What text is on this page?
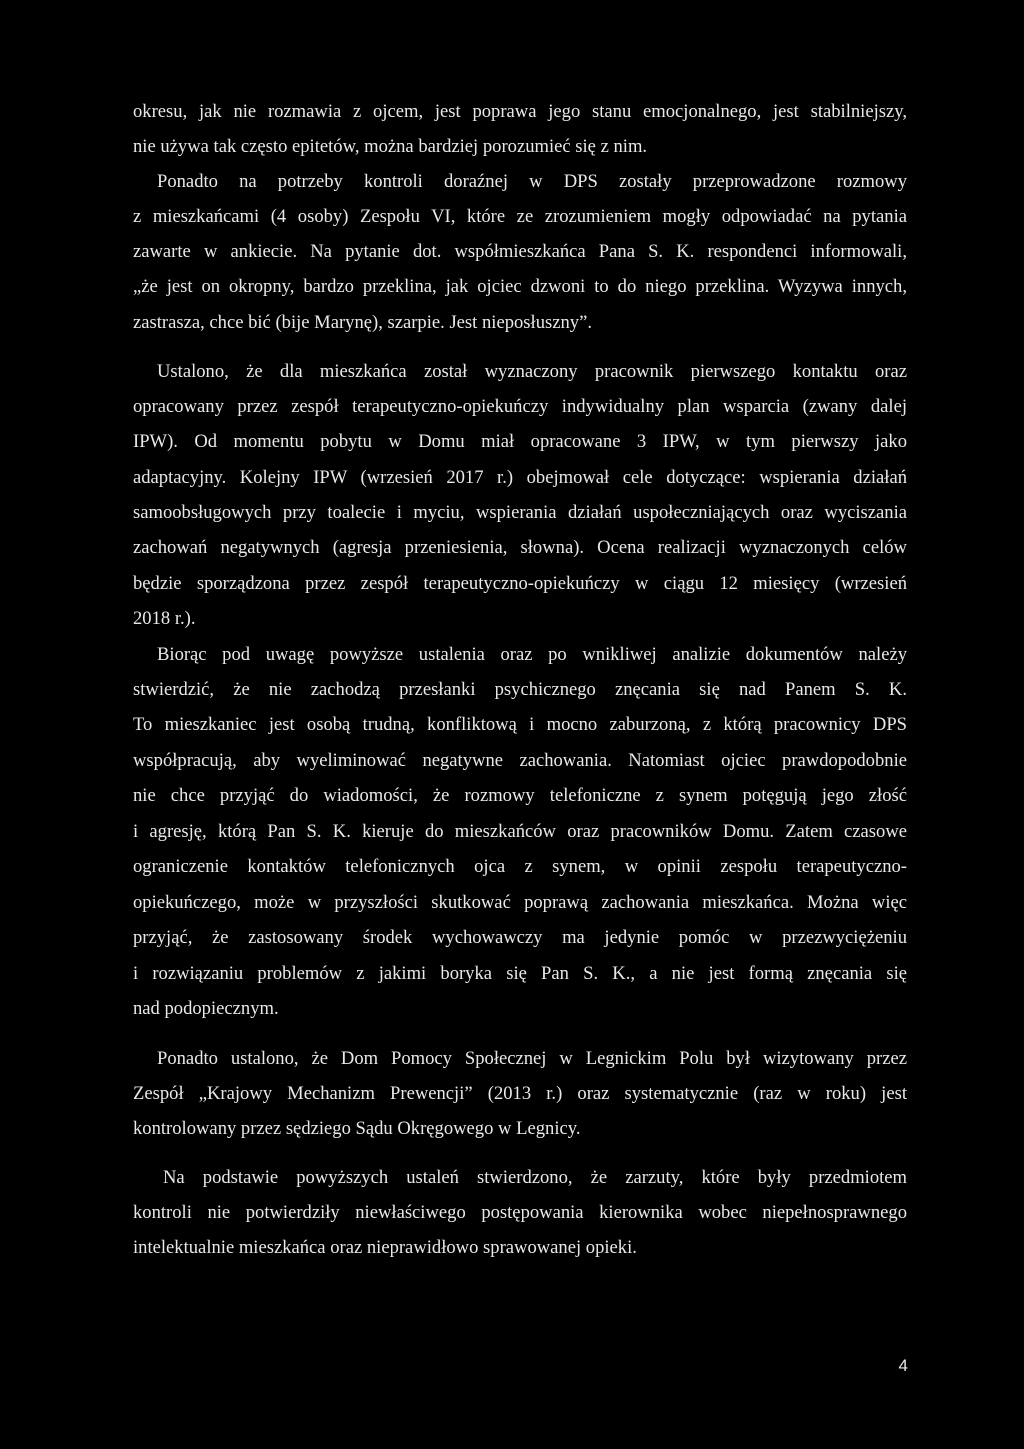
okresu, jak nie rozmawia z ojcem, jest poprawa jego stanu emocjonalnego, jest stabilniejszy,
nie używa tak często epitetów, można bardziej porozumieć się z nim.
Ponadto na potrzeby kontroli doraźnej w DPS zostały przeprowadzone rozmowy
z mieszkańcami (4 osoby) Zespołu VI, które ze zrozumieniem mogły odpowiadać na pytania
zawarte w ankiecie. Na pytanie dot. współmieszkańca Pana S. K. respondenci informowali,
„że jest on okropny, bardzo przeklina, jak ojciec dzwoni to do niego przeklina. Wyzywa innych,
zastrasza, chce bić (bije Marynę), szarpie. Jest nieposłuszny”.
Ustalono, że dla mieszkańca został wyznaczony pracownik pierwszego kontaktu oraz
opracowany przez zespół terapeutyczno-opiekuńczy indywidualny plan wsparcia (zwany dalej
IPW). Od momentu pobytu w Domu miał opracowane 3 IPW, w tym pierwszy jako
adaptacyjny. Kolejny IPW (wrzesień 2017 r.) obejmował cele dotyczące: wspierania działań
samoobsługowych przy toalecie i myciu, wspierania działań uspołeczniających oraz wyciszania
zachowań negatywnych (agresja przeniesienia, słowna). Ocena realizacji wyznaczonych celów
będzie sporządzona przez zespół terapeutyczno-opiekuńczy w ciągu 12 miesięcy (wrzesień
2018 r.).
Biorąc pod uwagę powyższe ustalenia oraz po wnikliwej analizie dokumentów należy
stwierdzić, że nie zachodzą przesłanki psychicznego znęcania się nad Panem S. K.
To mieszkaniec jest osobą trudną, konfliktową i mocno zaburzoną, z którą pracownicy DPS
współpracują, aby wyeliminować negatywne zachowania. Natomiast ojciec prawdopodobnie
nie chce przyjąć do wiadomości, że rozmowy telefoniczne z synem potęgują jego złość
i agresję, którą Pan S. K. kieruje do mieszkańców oraz pracowników Domu. Zatem czasowe
ograniczenie kontaktów telefonicznych ojca z synem, w opinii zespołu terapeutyczno-
opiekuńczego, może w przyszłości skutkować poprawą zachowania mieszkańca. Można więc
przyjąć, że zastosowany środek wychowawczy ma jedynie pomóc w przezwyciężeniu
i rozwiązaniu problemów z jakimi boryka się Pan S. K., a nie jest formą znęcania się
nad podopiecznym.
Ponadto ustalono, że Dom Pomocy Społecznej w Legnickim Polu był wizytowany przez
Zespół „Krajowy Mechanizm Prewencji” (2013 r.) oraz systematycznie (raz w roku) jest
kontrolowany przez sędziego Sądu Okręgowego w Legnicy.
Na podstawie powyższych ustaleń stwierdzono, że zarzuty, które były przedmiotem
kontroli nie potwierdziły niewłaściwego postępowania kierownika wobec niepełnosprawnego
intelektualnie mieszkańca oraz nieprawidłowo sprawowanej opieki.
4
